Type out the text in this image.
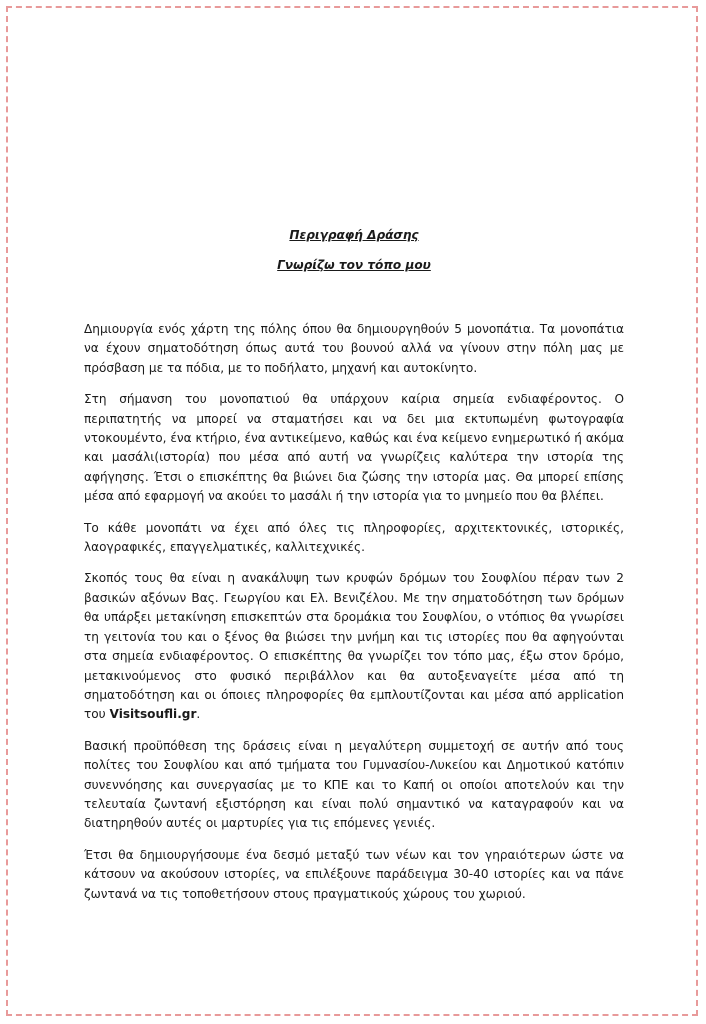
Περιγραφή Δράσης

Γνωρίζω τον τόπο μου

Δημιουργία ενός χάρτη της πόλης όπου θα δημιουργηθούν 5 μονοπάτια. Τα μονοπάτια να έχουν σηματοδότηση όπως αυτά του βουνού αλλά να γίνουν στην πόλη μας με πρόσβαση με τα πόδια, με το ποδήλατο, μηχανή και αυτοκίνητο.

Στη σήμανση του μονοπατιού θα υπάρχουν καίρια σημεία ενδιαφέροντος. Ο περιπατητής να μπορεί να σταματήσει και να δει μια εκτυπωμένη φωτογραφία ντοκουμέντο, ένα κτήριο, ένα αντικείμενο, καθώς και ένα κείμενο ενημερωτικό ή ακόμα και μασάλι(ιστορία) που μέσα από αυτή να γνωρίζεις καλύτερα την ιστορία της αφήγησης. Έτσι ο επισκέπτης θα βιώνει δια ζώσης την ιστορία μας. Θα μπορεί επίσης μέσα από εφαρμογή να ακούει το μασάλι ή την ιστορία για το μνημείο που θα βλέπει.

Το κάθε μονοπάτι να έχει από όλες τις πληροφορίες, αρχιτεκτονικές, ιστορικές, λαογραφικές, επαγγελματικές, καλλιτεχνικές.

Σκοπός τους θα είναι η ανακάλυψη των κρυφών δρόμων του Σουφλίου πέραν των 2 βασικών αξόνων Βας. Γεωργίου και Ελ. Βενιζέλου. Με την σηματοδότηση των δρόμων θα υπάρξει μετακίνηση επισκεπτών στα δρομάκια του Σουφλίου, ο ντόπιος θα γνωρίσει τη γειτονία του και ο ξένος θα βιώσει την μνήμη και τις ιστορίες που θα αφηγούνται στα σημεία ενδιαφέροντος. Ο επισκέπτης θα γνωρίζει τον τόπο μας, έξω στον δρόμο, μετακινούμενος στο φυσικό περιβάλλον και θα αυτοξεναγείτε μέσα από τη σηματοδότηση και οι όποιες πληροφορίες θα εμπλουτίζονται και μέσα από application του Visitsoufli.gr.

Βασική προϋπόθεση της δράσεις είναι η μεγαλύτερη συμμετοχή σε αυτήν από τους πολίτες του Σουφλίου και από τμήματα του Γυμνασίου-Λυκείου και Δημοτικού κατόπιν συνεννόησης και συνεργασίας με το ΚΠΕ και το Καπή οι οποίοι αποτελούν και την τελευταία ζωντανή εξιστόρηση και είναι πολύ σημαντικό να καταγραφούν και να διατηρηθούν αυτές οι μαρτυρίες για τις επόμενες γενιές.

Έτσι θα δημιουργήσουμε ένα δεσμό μεταξύ των νέων και τον γηραιότερων ώστε να κάτσουν να ακούσουν ιστορίες, να επιλέξουνε παράδειγμα 30-40 ιστορίες και να πάνε ζωντανά να τις τοποθετήσουν στους πραγματικούς χώρους του χωριού.
